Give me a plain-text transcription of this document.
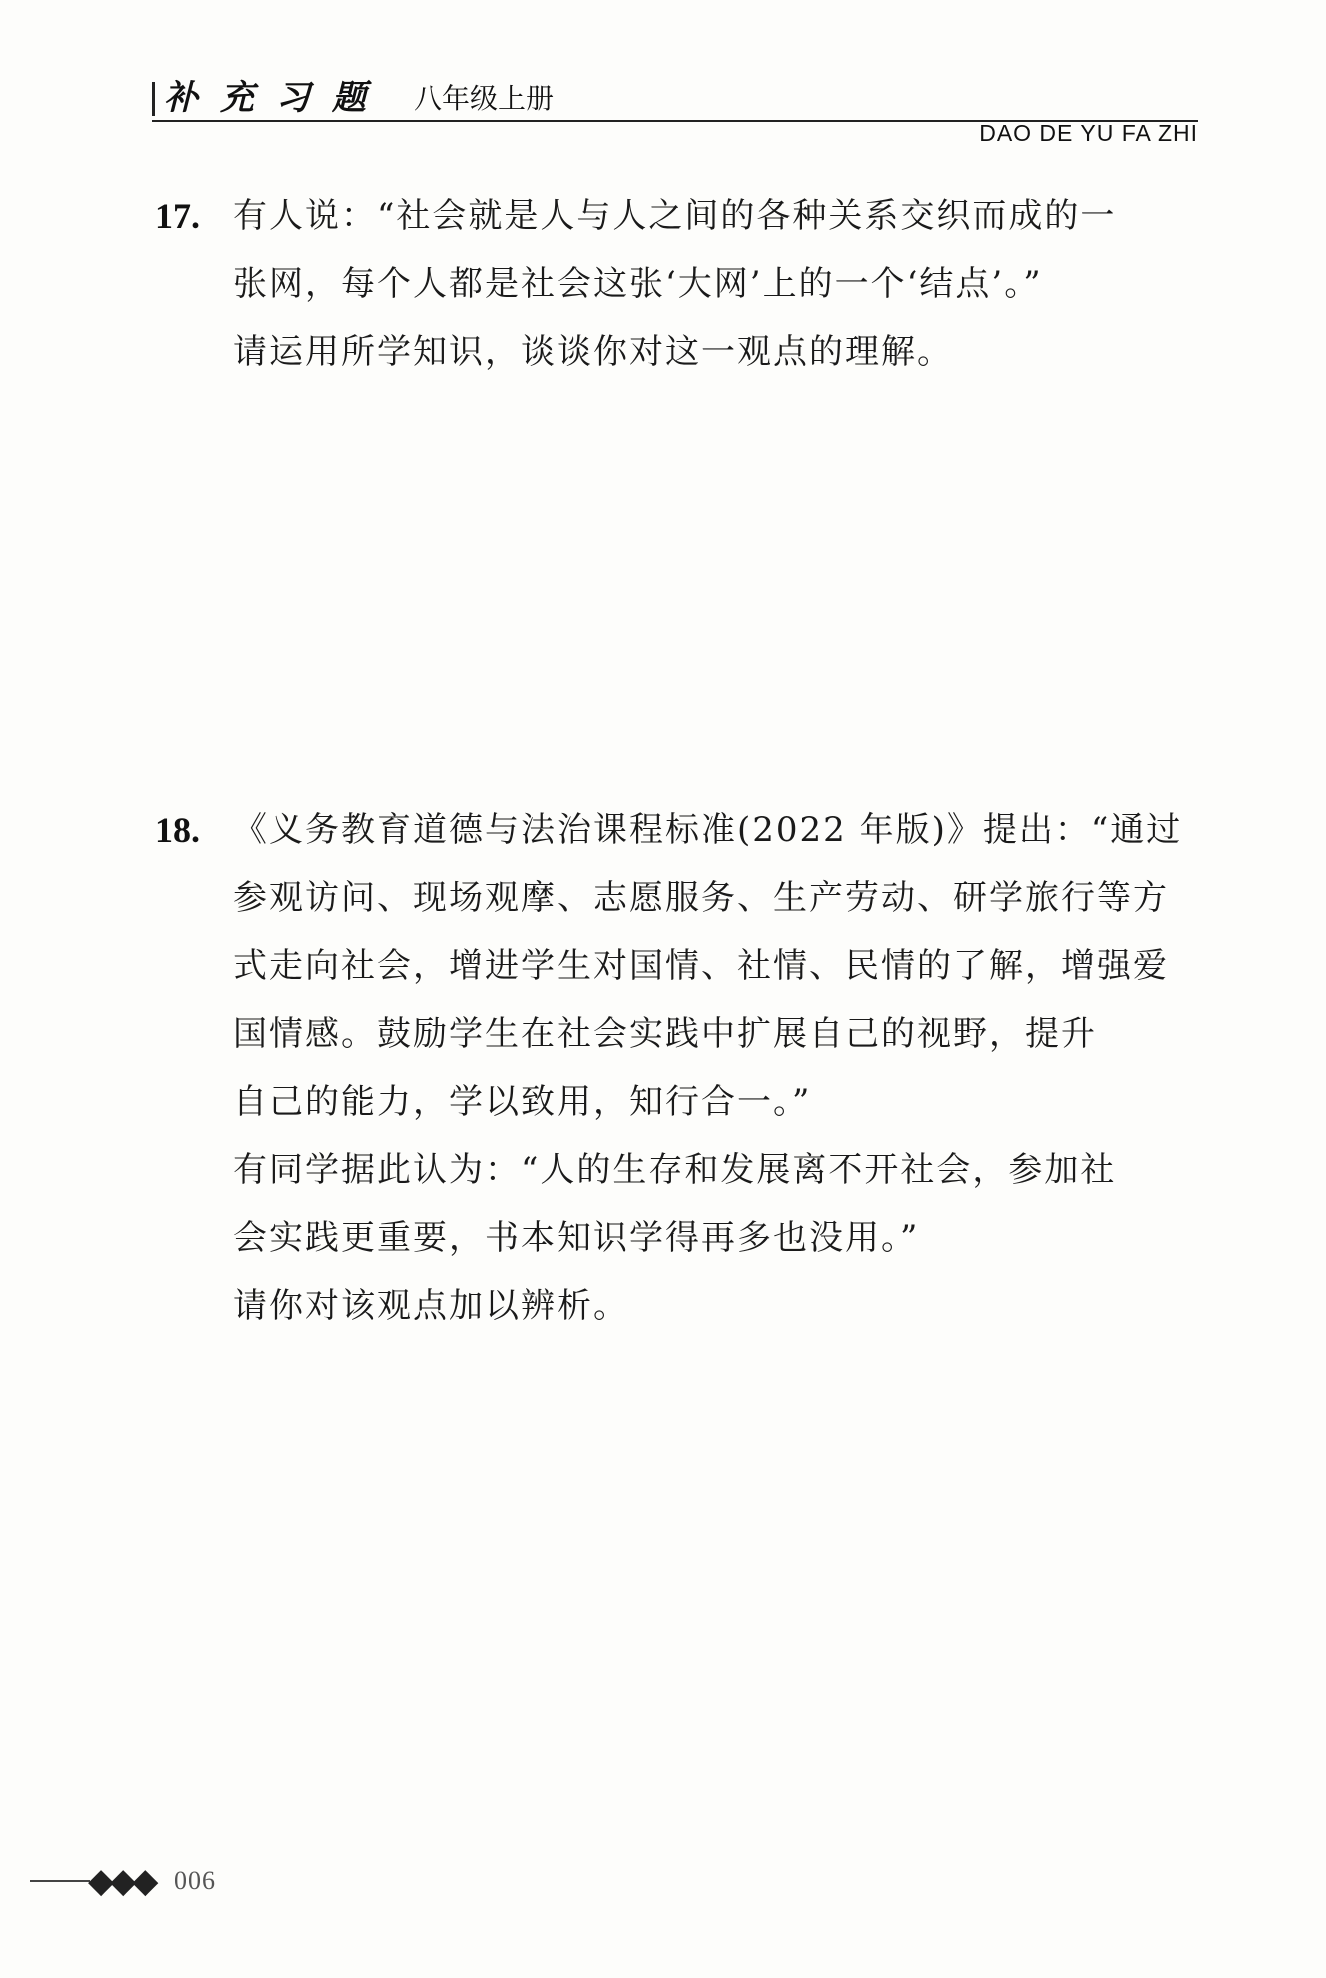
补充习题 八年级上册
DAO DE YU FA ZHI
17. 有人说：“社会就是人与人之间的各种关系交织而成的一
张网，每个人都是社会这张‘大网’上的一个‘结点’。”
请运用所学知识，谈谈你对这一观点的理解。
18. 《义务教育道德与法治课程标准(2022 年版)》提出：“通过
参观访问、现场观摩、志愿服务、生产劳动、研学旅行等方
式走向社会，增进学生对国情、社情、民情的了解，增强爱
国情感。鼓励学生在社会实践中扩展自己的视野，提升
自己的能力，学以致用，知行合一。”
有同学据此认为：“人的生存和发展离不开社会，参加社
会实践更重要，书本知识学得再多也没用。”
请你对该观点加以辨析。
◆◆◆ 006
